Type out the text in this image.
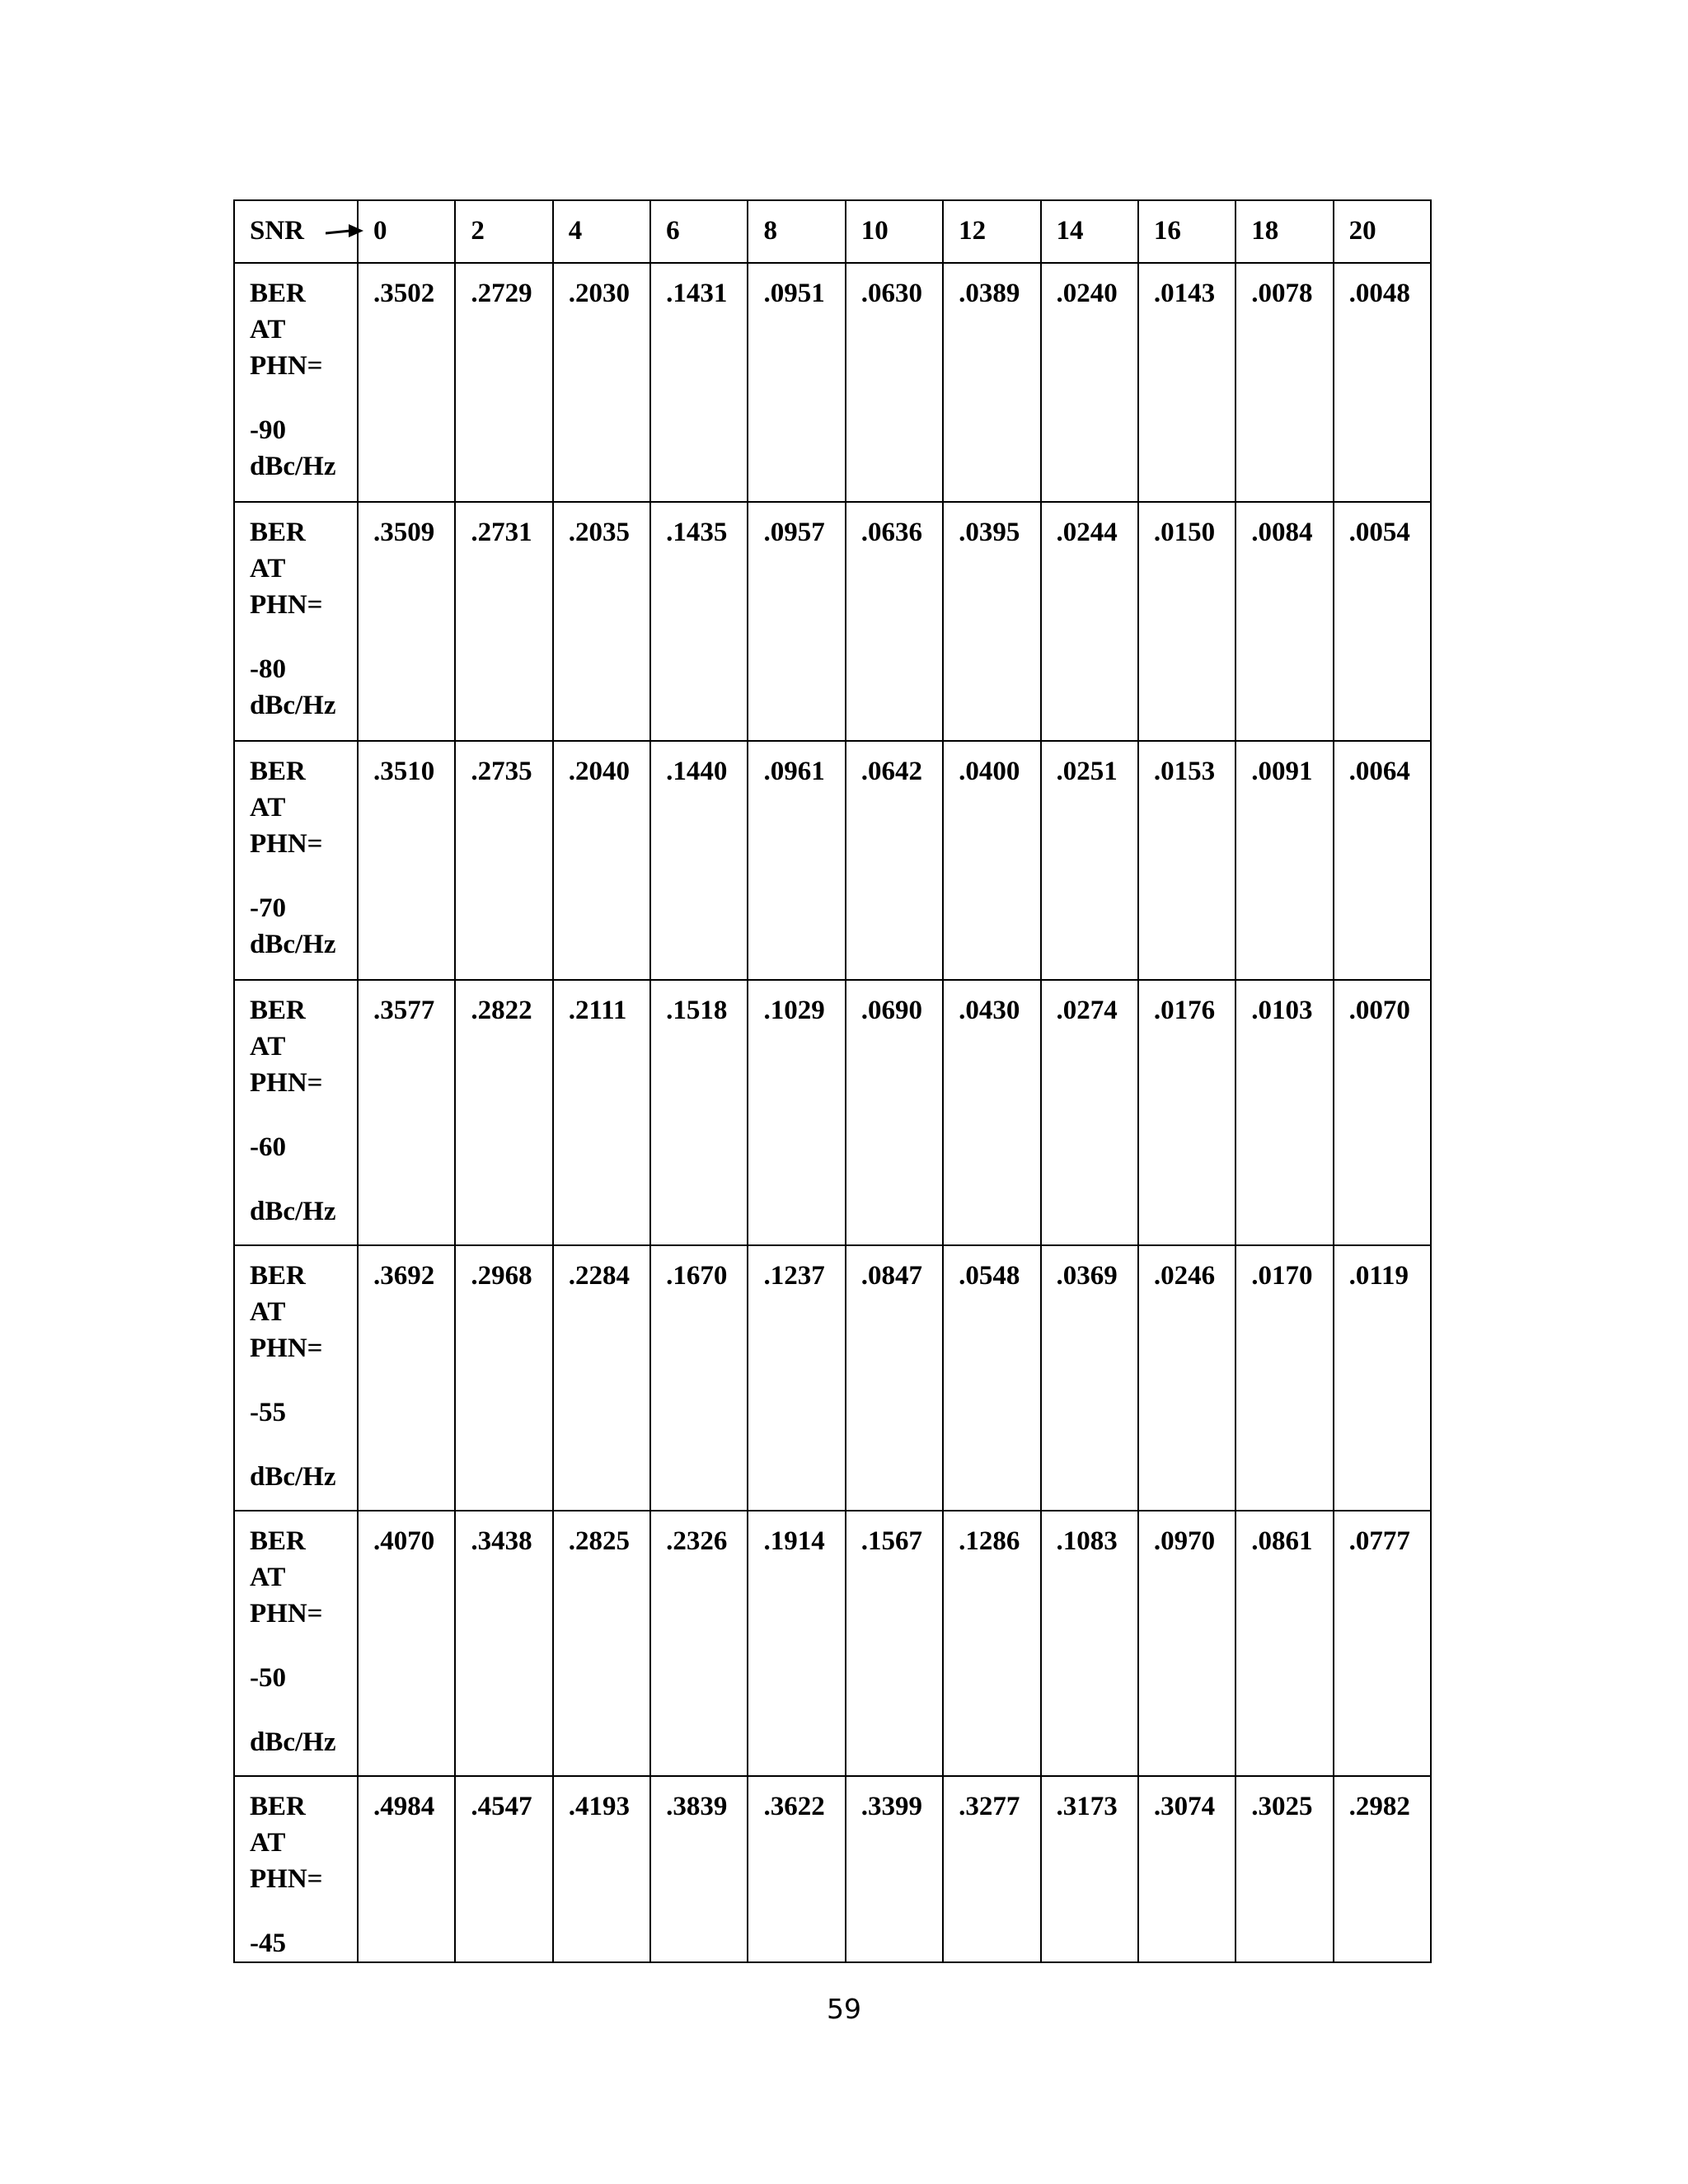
SNR	0	2	4	6	8	10	12	14	16	18	20

BER
AT
PHN=
-90
dBc/Hz	.3502	.2729	.2030	.1431	.0951	.0630	.0389	.0240	.0143	.0078	.0048

BER
AT
PHN=
-80
dBc/Hz	.3509	.2731	.2035	.1435	.0957	.0636	.0395	.0244	.0150	.0084	.0054

BER
AT
PHN=
-70
dBc/Hz	.3510	.2735	.2040	.1440	.0961	.0642	.0400	.0251	.0153	.0091	.0064

BER
AT
PHN=
-60
dBc/Hz	.3577	.2822	.2111	.1518	.1029	.0690	.0430	.0274	.0176	.0103	.0070

BER
AT
PHN=
-55
dBc/Hz	.3692	.2968	.2284	.1670	.1237	.0847	.0548	.0369	.0246	.0170	.0119

BER
AT
PHN=
-50
dBc/Hz	.4070	.3438	.2825	.2326	.1914	.1567	.1286	.1083	.0970	.0861	.0777

BER
AT
PHN=
-45	.4984	.4547	.4193	.3839	.3622	.3399	.3277	.3173	.3074	.3025	.2982
59
